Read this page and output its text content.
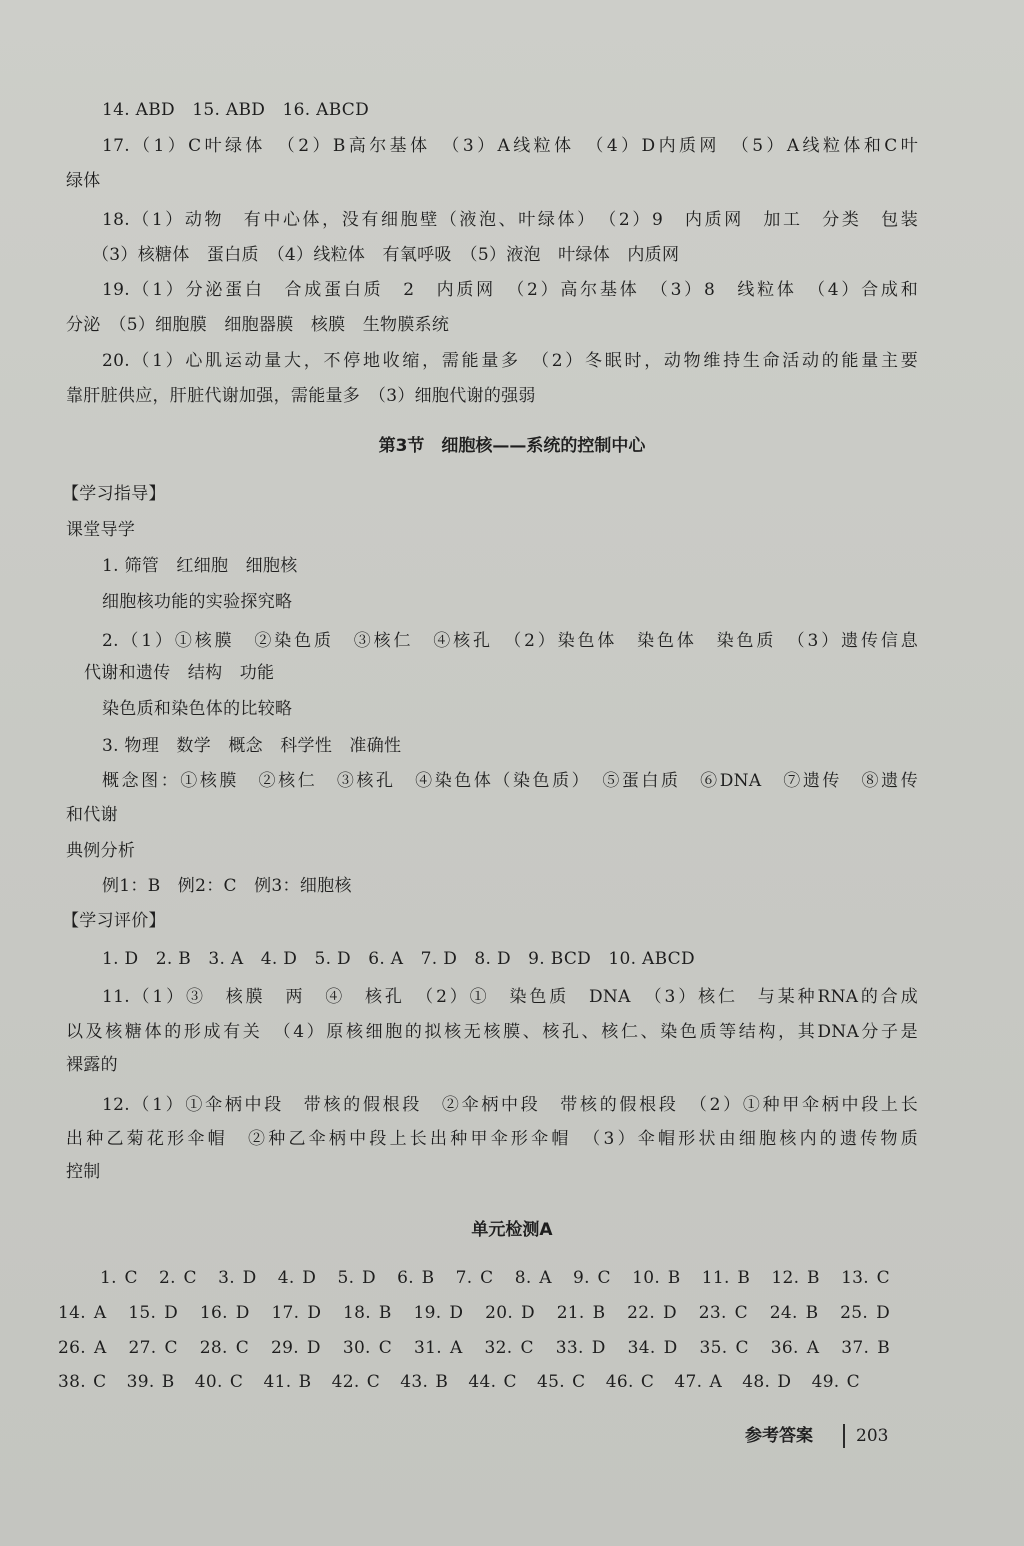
14. ABD　15. ABD　16. ABCD
17.（1）C叶绿体　（2）B高尔基体　（3）A线粒体　（4）D内质网　（5）A线粒体和C叶
绿体
18.（1）动物　有中心体，没有细胞壁（液泡、叶绿体）　（2）9　内质网　加工　分类　包装
（3）核糖体　蛋白质　（4）线粒体　有氧呼吸　（5）液泡　叶绿体　内质网
19.（1）分泌蛋白　合成蛋白质　2　内质网　（2）高尔基体　（3）8　线粒体　（4）合成和
分泌　（5）细胞膜　细胞器膜　核膜　生物膜系统
20.（1）心肌运动量大，不停地收缩，需能量多　（2）冬眠时，动物维持生命活动的能量主要
靠肝脏供应，肝脏代谢加强，需能量多　（3）细胞代谢的强弱
第3节　细胞核——系统的控制中心
【学习指导】
课堂导学
1. 筛管　红细胞　细胞核
细胞核功能的实验探究略
2.（1）①核膜　②染色质　③核仁　④核孔　（2）染色体　染色体　染色质　（3）遗传信息
代谢和遗传　结构　功能
染色质和染色体的比较略
3. 物理　数学　概念　科学性　准确性
概念图：①核膜　②核仁　③核孔　④染色体（染色质）　⑤蛋白质　⑥DNA　⑦遗传　⑧遗传
和代谢
典例分析
例1：B　例2：C　例3：细胞核
【学习评价】
1. D　2. B　3. A　4. D　5. D　6. A　7. D　8. D　9. BCD　10. ABCD
11.（1）③　核膜　两　④　核孔　（2）①　染色质　DNA　（3）核仁　与某种RNA的合成
以及核糖体的形成有关　（4）原核细胞的拟核无核膜、核孔、核仁、染色质等结构，其DNA分子是
裸露的
12.（1）①伞柄中段　带核的假根段　②伞柄中段　带核的假根段　（2）①种甲伞柄中段上长
出种乙菊花形伞帽　②种乙伞柄中段上长出种甲伞形伞帽　（3）伞帽形状由细胞核内的遗传物质
控制
单元检测A
1. C　2. C　3. D　4. D　5. D　6. B　7. C　8. A　9. C　10. B　11. B　12. B　13. C
14. A　15. D　16. D　17. D　18. B　19. D　20. D　21. B　22. D　23. C　24. B　25. D
26. A　27. C　28. C　29. D　30. C　31. A　32. C　33. D　34. D　35. C　36. A　37. B
38. C　39. B　40. C　41. B　42. C　43. B　44. C　45. C　46. C　47. A　48. D　49. C
参考答案	203
